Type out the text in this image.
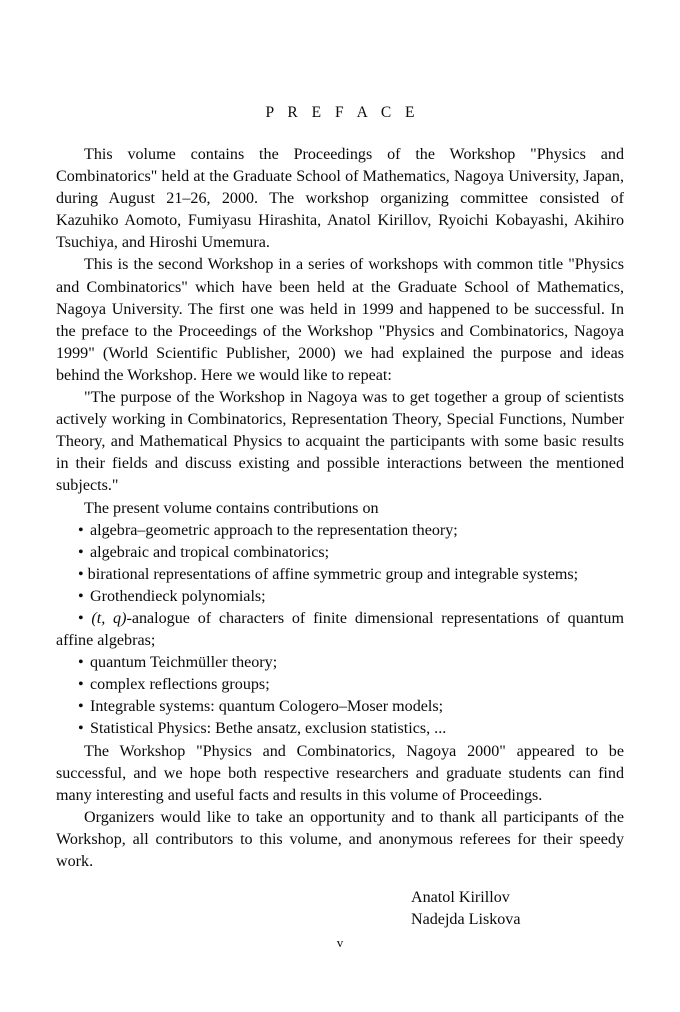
P R E F A C E

This volume contains the Proceedings of the Workshop "Physics and Combinatorics" held at the Graduate School of Mathematics, Nagoya University, Japan, during August 21–26, 2000. The workshop organizing committee consisted of Kazuhiko Aomoto, Fumiyasu Hirashita, Anatol Kirillov, Ryoichi Kobayashi, Akihiro Tsuchiya, and Hiroshi Umemura.

This is the second Workshop in a series of workshops with common title "Physics and Combinatorics" which have been held at the Graduate School of Mathematics, Nagoya University. The first one was held in 1999 and happened to be successful. In the preface to the Proceedings of the Workshop "Physics and Combinatorics, Nagoya 1999" (World Scientific Publisher, 2000) we had explained the purpose and ideas behind the Workshop. Here we would like to repeat:

"The purpose of the Workshop in Nagoya was to get together a group of scientists actively working in Combinatorics, Representation Theory, Special Functions, Number Theory, and Mathematical Physics to acquaint the participants with some basic results in their fields and discuss existing and possible interactions between the mentioned subjects."

The present volume contains contributions on

• algebra–geometric approach to the representation theory;

• algebraic and tropical combinatorics;

• birational representations of affine symmetric group and integrable systems;

• Grothendieck polynomials;

• (t, q)-analogue of characters of finite dimensional representations of quantum affine algebras;

• quantum Teichmüller theory;

• complex reflections groups;

• Integrable systems: quantum Cologero–Moser models;

• Statistical Physics: Bethe ansatz, exclusion statistics, ...

The Workshop "Physics and Combinatorics, Nagoya 2000" appeared to be successful, and we hope both respective researchers and graduate students can find many interesting and useful facts and results in this volume of Proceedings.

Organizers would like to take an opportunity and to thank all participants of the Workshop, all contributors to this volume, and anonymous referees for their speedy work.

Anatol Kirillov
Nadejda Liskova
v
